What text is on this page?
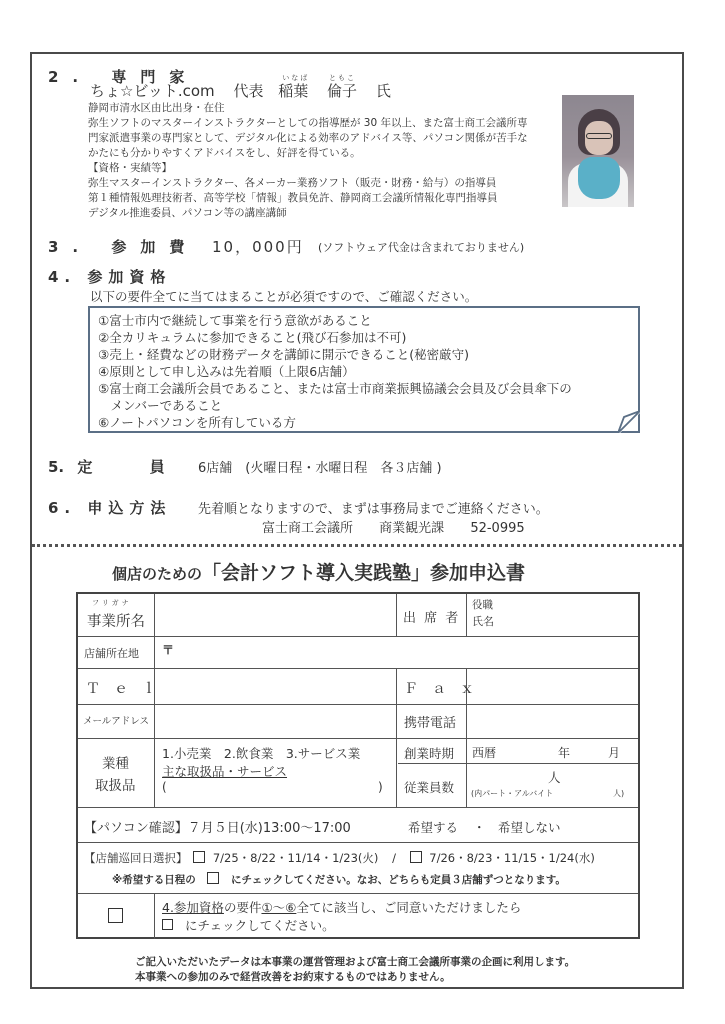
2. 専門家
ちょ☆ビット.com 代表
いなば
稲葉
ともこ
倫子 氏
静岡市清水区由比出身・在住
弥生ソフトのマスターインストラクターとしての指導歴が 30 年以上、また富士商工会議所専
門家派遣事業の専門家として、デジタル化による効率のアドバイス等、パソコン関係が苦手な
かたにも分かりやすくアドバイスをし、好評を得ている。
【資格・実績等】
弥生マスターインストラクター、各メーカー業務ソフト（販売・財務・給与）の指導員
第１種情報処理技術者、高等学校「情報」教員免許、静岡商工会議所情報化専門指導員
デジタル推進委員、パソコン等の講座講師
3. 参加費 10，000円 (ソフトウェア代金は含まれておりません)
4. 参加資格
以下の要件全てに当てはまることが必須ですので、ご確認ください。
①富士市内で継続して事業を行う意欲があること
②全カリキュラムに参加できること(飛び石参加は不可)
③売上・経費などの財務データを講師に開示できること(秘密厳守)
④原則として申し込みは先着順（上限6店舗）
⑤富士商工会議所会員であること、または富士市商業振興協議会会員及び会員傘下の
　メンバーであること
⑥ノートパソコンを所有している方
5. 定	員	6店舗　(火曜日程・水曜日程　各３店舗 )
6. 申込方法 先着順となりますので、まずは事務局までご連絡ください。
富士商工会議所 商業観光課 52-0995
個店のための「会計ソフト導入実践塾」参加申込書
フリガナ
事業所名	出 席 者
役職
氏名
店舗所在地 〒
Ｔ　ｅ　ｌ	Ｆ　ａ　ｘ
メールアドレス	携帯電話
業種
取扱品
1.小売業　2.飲食業　3.サービス業
主な取扱品・サービス
(	)
創業時期 西暦	年	月
従業員数
人
(内パート・アルバイト	人)
【パソコン確認】７月５日(水)13:00～17:00	希望する ・ 希望しない
【店舗巡回日選択】 7/25・8/22・11/14・1/23(火) /	7/26・8/23・11/15・1/24(水)
※希望する日程の	にチェックしてください。なお、どちらも定員３店舗ずつとなります。
4.参加資格の要件①～⑥全てに該当し、ご同意いただけましたら
にチェックしてください。
ご記入いただいたデータは本事業の運営管理および富士商工会議所事業の企画に利用します。
本事業への参加のみで経営改善をお約束するものではありません。
